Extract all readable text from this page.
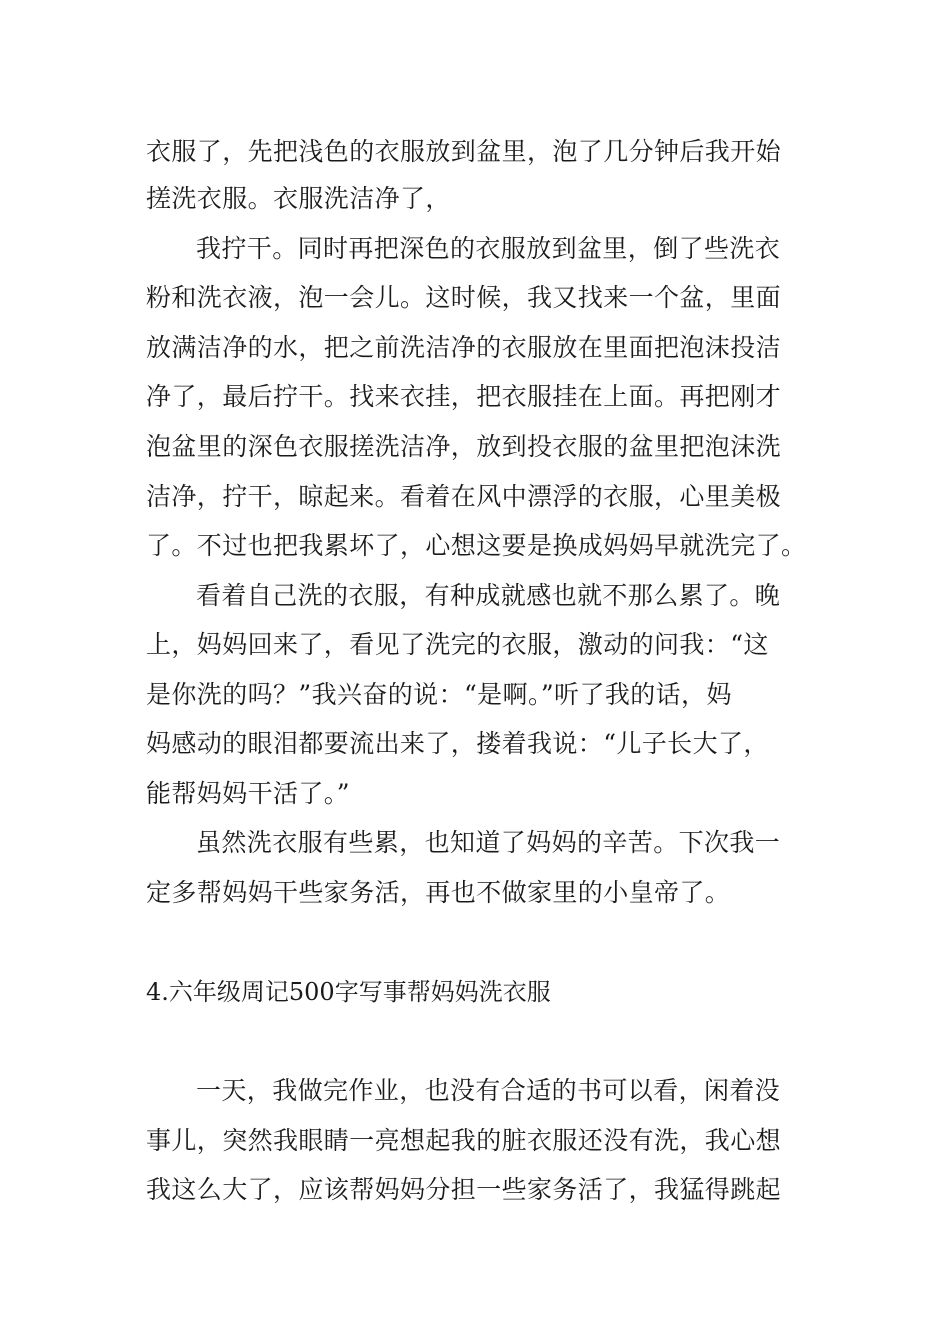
衣服了，先把浅色的衣服放到盆里，泡了几分钟后我开始
搓洗衣服。衣服洗洁净了，
我拧干。同时再把深色的衣服放到盆里，倒了些洗衣
粉和洗衣液，泡一会儿。这时候，我又找来一个盆，里面
放满洁净的水，把之前洗洁净的衣服放在里面把泡沫投洁
净了，最后拧干。找来衣挂，把衣服挂在上面。再把刚才
泡盆里的深色衣服搓洗洁净，放到投衣服的盆里把泡沫洗
洁净，拧干，晾起来。看着在风中漂浮的衣服，心里美极
了。不过也把我累坏了，心想这要是换成妈妈早就洗完了。
看着自己洗的衣服，有种成就感也就不那么累了。晚
上，妈妈回来了，看见了洗完的衣服，激动的问我：“这
是你洗的吗？”我兴奋的说：“是啊。”听了我的话，妈
妈感动的眼泪都要流出来了，搂着我说：“儿子长大了，
能帮妈妈干活了。”
虽然洗衣服有些累，也知道了妈妈的辛苦。下次我一
定多帮妈妈干些家务活，再也不做家里的小皇帝了。
4.六年级周记500字写事帮妈妈洗衣服
一天，我做完作业，也没有合适的书可以看，闲着没
事儿，突然我眼睛一亮想起我的脏衣服还没有洗，我心想
我这么大了，应该帮妈妈分担一些家务活了，我猛得跳起
